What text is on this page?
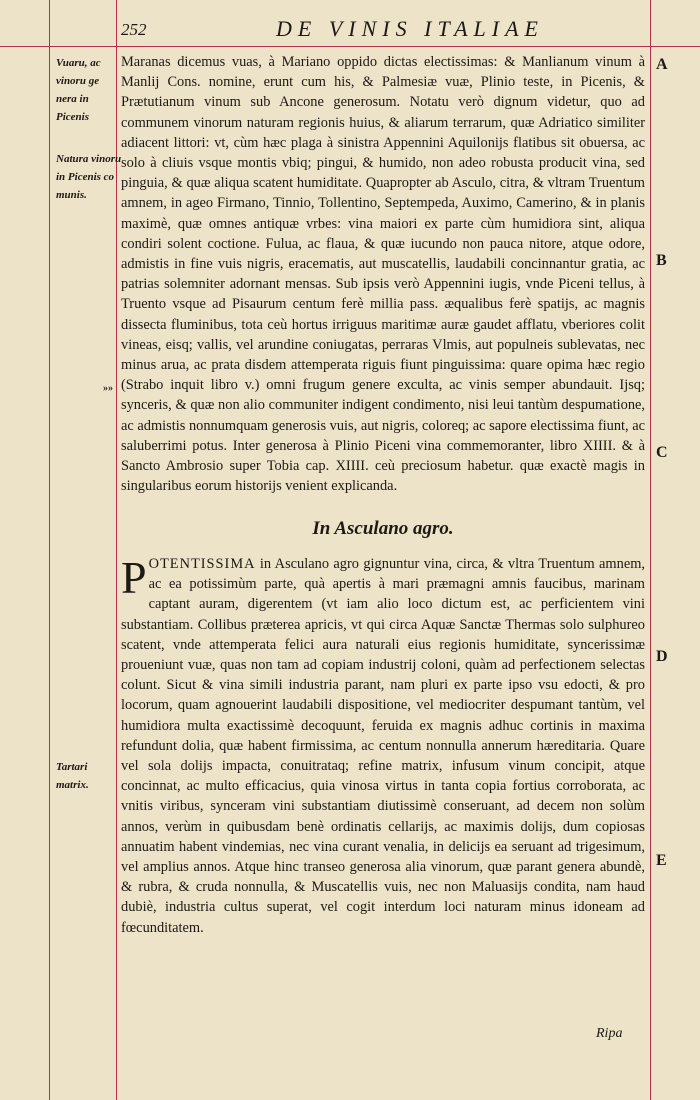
252	DE VINIS ITALIAE
Vuaru, ac vinoru ge nera in Picenis
Natura vinoru in Picenis co munis.
Tartari matrix.
»»
A
B
C
D
E

Maranas dicemus vuas, à Mariano oppido dictas electissimas: & Manlianum vinum à Manlij Cons. nomine, erunt cum his, & Palmesiæ vuæ, Plinio teste, in Picenis, & Prætutianum vinum sub Ancone generosum. Notatu verò dignum videtur, quo ad communem vinorum naturam regionis huius, & aliarum terrarum, quæ Adriatico similiter adiacent littori: vt, cùm hæc plaga à sinistra Appennini Aquilonijs flatibus sit obuersa, ac solo à cliuis vsque montis vbiq; pingui, & humido, non adeo robusta producit vina, sed pinguia, & quæ aliqua scatent humiditate. Quapropter ab Asculo, citra, & vltram Truentum amnem, in ageo Firmano, Tinnio, Tollentino, Septempeda, Auximo, Camerino, & in planis maximè, quæ omnes antiquæ vrbes: vina maiori ex parte cùm humidiora sint, aliqua condiri solent coctione. Fulua, ac flaua, & quæ iucundo non pauca nitore, atque odore, admistis in fine vuis nigris, eracematis, aut muscatellis, laudabili concinnantur gratia, ac patrias solemniter adornant mensas. Sub ipsis verò Appennini iugis, vnde Piceni tellus, à Truento vsque ad Pisaurum centum ferè millia pass. æqualibus ferè spatijs, ac magnis dissecta fluminibus, tota ceù hortus irriguus maritimæ auræ gaudet afflatu, vberiores colit vineas, eisq; vallis, vel arundine coniugatas, perraras Vlmis, aut populneis sublevatas, nec minus arua, ac prata disdem attemperata riguis fiunt pinguissima: quare opima hæc regio (Strabo inquit libro v.) omni frugum genere exculta, ac vinis semper abundauit. Ijsq; synceris, & quæ non alio communiter indigent condimento, nisi leui tantùm despumatione, ac admistis nonnumquam generosis vuis, aut nigris, coloreq; ac sapore electissima fiunt, ac saluberrimi potus. Inter generosa à Plinio Piceni vina commemoranter, libro XIIII. & à Sancto Ambrosio super Tobia cap. XIIII. ceù preciosum habetur. quæ exactè magis in singularibus eorum historijs venient explicanda.

In Asculano agro.

POTENTISSIMA in Asculano agro gignuntur vina, circa, & vltra Truentum amnem, ac ea potissimùm parte, quà apertis à mari præmagni amnis faucibus, marinam captant auram, digerentem (vt iam alio loco dictum est, ac perficientem vini substantiam. Collibus præterea apricis, vt qui circa Aquæ Sanctæ Thermas solo sulphureo scatent, vnde attemperata felici aura naturali eius regionis humiditate, syncerissimæ proueniunt vuæ, quas non tam ad copiam industrij coloni, quàm ad perfectionem selectas colunt. Sicut & vina simili industria parant, nam pluri ex parte ipso vsu edocti, & pro locorum, quam agnouerint laudabili dispositione, vel mediocriter despumant tantùm, vel humidiora multa exactissimè decoquunt, feruida ex magnis adhuc cortinis in maxima refundunt dolia, quæ habent firmissima, ac centum nonnulla annerum hæreditaria. Quare vel sola dolijs impacta, conuitrataq; refine matrix, infusum vinum concipit, atque concinnat, ac multo efficacius, quia vinosa virtus in tanta copia fortius corroborata, ac vnitis viribus, synceram vini substantiam diutissimè conseruant, ad decem non solùm annos, verùm in quibusdam benè ordinatis cellarijs, ac maximis dolijs, dum copiosas annuatim habent vindemias, nec vina curant venalia, in delicijs ea seruant ad trigesimum, vel amplius annos. Atque hinc transeo generosa alia vinorum, quæ parant genera abundè, & rubra, & cruda nonnulla, & Muscatellis vuis, nec non Maluasijs condita, nam haud dubiè, industria cultus superat, vel cogit interdum loci naturam minus idoneam ad fœcunditatem.

Ripa
